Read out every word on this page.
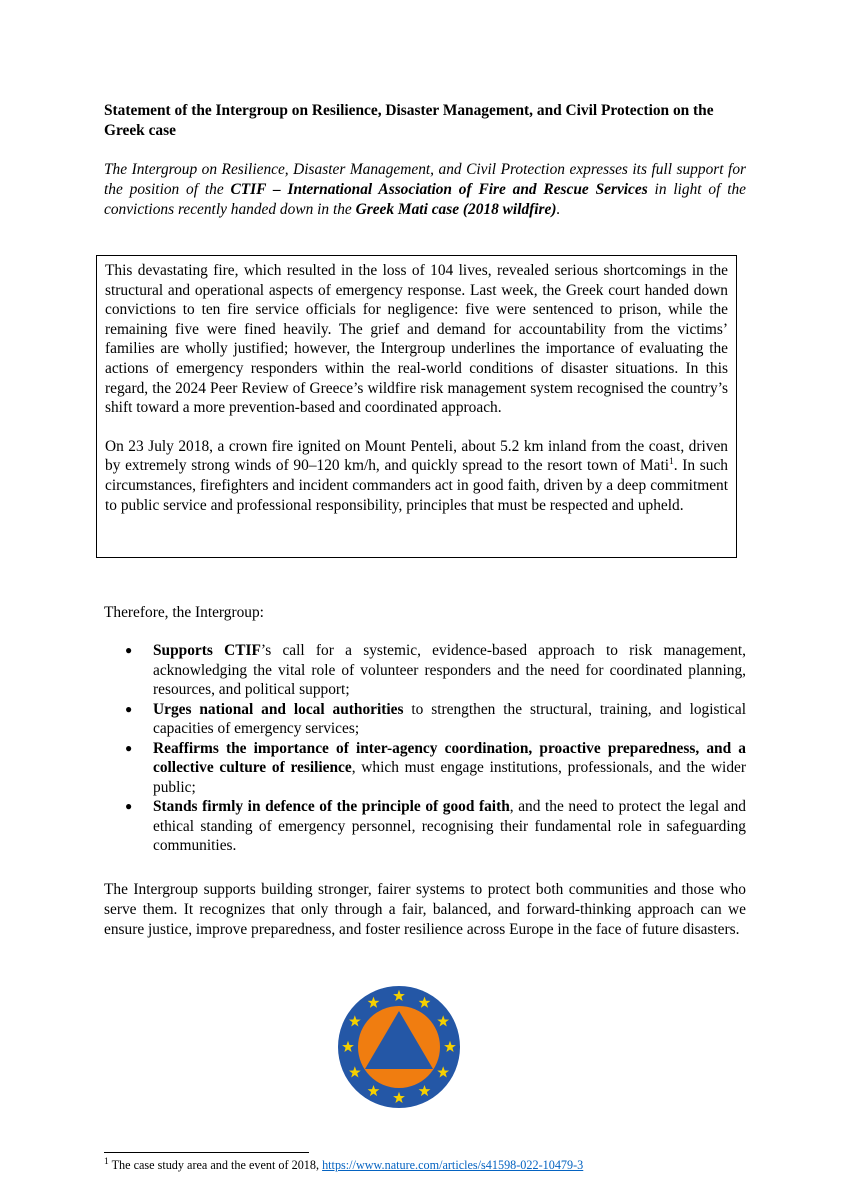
Statement of the Intergroup on Resilience, Disaster Management, and Civil Protection on the Greek case
The Intergroup on Resilience, Disaster Management, and Civil Protection expresses its full support for the position of the CTIF – International Association of Fire and Rescue Services in light of the convictions recently handed down in the Greek Mati case (2018 wildfire).

This devastating fire, which resulted in the loss of 104 lives, revealed serious shortcomings in the structural and operational aspects of emergency response. Last week, the Greek court handed down convictions to ten fire service officials for negligence: five were sentenced to prison, while the remaining five were fined heavily. The grief and demand for accountability from the victims’ families are wholly justified; however, the Intergroup underlines the importance of evaluating the actions of emergency responders within the real-world conditions of disaster situations. In this regard, the 2024 Peer Review of Greece’s wildfire risk management system recognised the country’s shift toward a more prevention-based and coordinated approach.

On 23 July 2018, a crown fire ignited on Mount Penteli, about 5.2 km inland from the coast, driven by extremely strong winds of 90–120 km/h, and quickly spread to the resort town of Mati$^1$. In such circumstances, firefighters and incident commanders act in good faith, driven by a deep commitment to public service and professional responsibility, principles that must be respected and upheld.

Therefore, the Intergroup:
● Supports CTIF’s call for a systemic, evidence-based approach to risk management, acknowledging the vital role of volunteer responders and the need for coordinated planning, resources, and political support;
● Urges national and local authorities to strengthen the structural, training, and logistical capacities of emergency services;
● Reaffirms the importance of inter-agency coordination, proactive preparedness, and a collective culture of resilience, which must engage institutions, professionals, and the wider public;
● Stands firmly in defence of the principle of good faith, and the need to protect the legal and ethical standing of emergency personnel, recognising their fundamental role in safeguarding communities.
The Intergroup supports building stronger, fairer systems to protect both communities and those who serve them. It recognizes that only through a fair, balanced, and forward-thinking approach can we ensure justice, improve preparedness, and foster resilience across Europe in the face of future disasters.
$^1$ The case study area and the event of 2018, https://www.nature.com/articles/s41598-022-10479-3
